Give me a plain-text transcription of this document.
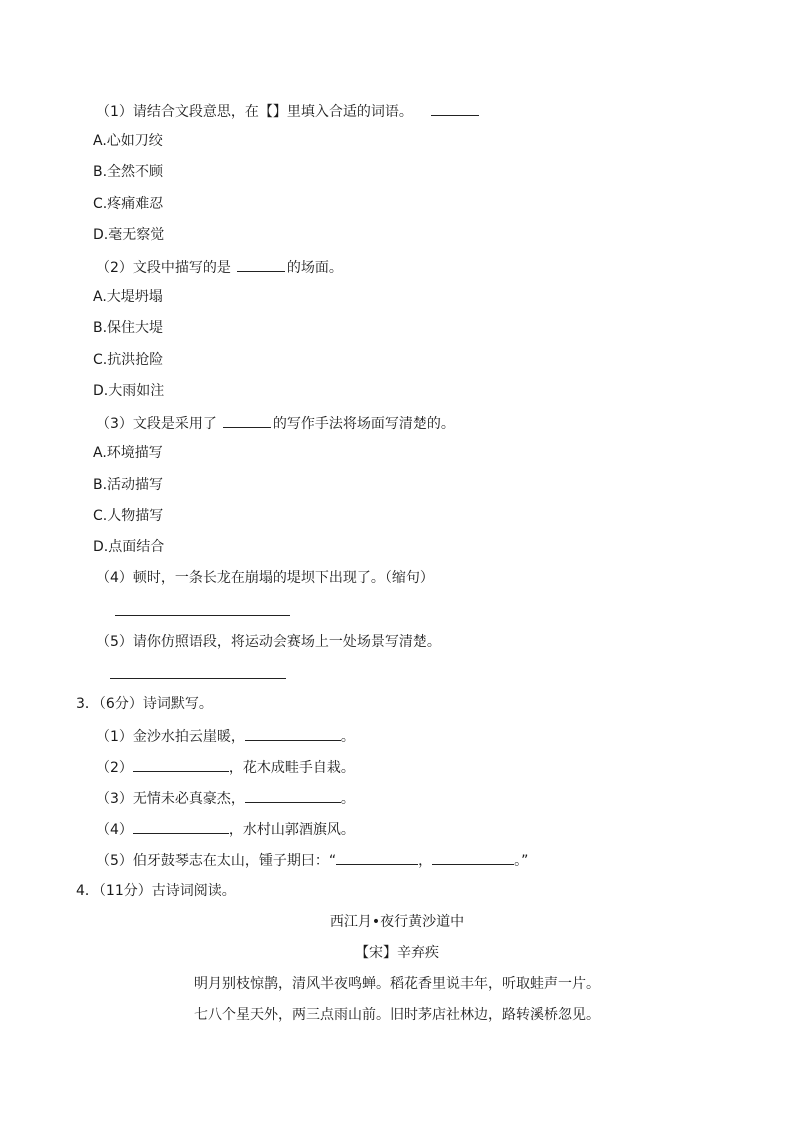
（1）请结合文段意思，在【】里填入合适的词语。
A.心如刀绞
B.全然不顾
C.疼痛难忍
D.毫无察觉
（2）文段中描写的是	的场面。
A.大堤坍塌
B.保住大堤
C.抗洪抢险
D.大雨如注
（3）文段是采用了	的写作手法将场面写清楚的。
A.环境描写
B.活动描写
C.人物描写
D.点面结合
（4）顿时，一条长龙在崩塌的堤坝下出现了。（缩句）
（5）请你仿照语段，将运动会赛场上一处场景写清楚。
3．（6分）诗词默写。
（1）金沙水拍云崖暖，	。
（2）	，花木成畦手自栽。
（3）无情未必真豪杰，	。
（4）	，水村山郭酒旗风。
（5）伯牙鼓琴志在太山，锺子期曰：“	，	。”
4．（11分）古诗词阅读。
西江月•夜行黄沙道中
【宋】辛弃疾
明月别枝惊鹊，清风半夜鸣蝉。稻花香里说丰年，听取蛙声一片。
七八个星天外，两三点雨山前。旧时茅店社林边，路转溪桥忽见。
